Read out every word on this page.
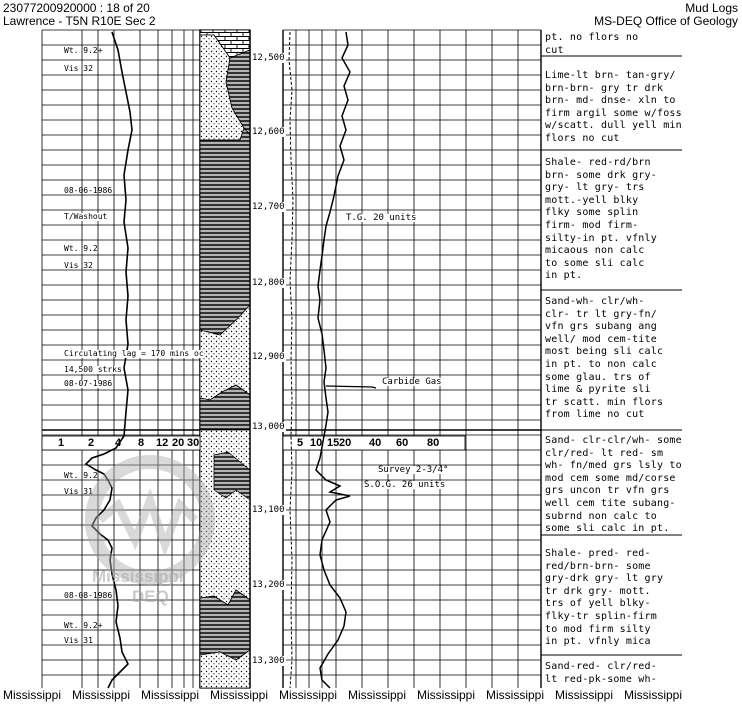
23077200920000 : 18 of 20
Lawrence - T5N R10E Sec 2
Mud Logs
MS-DEQ Office of Geology
12,500
12,600
12,700
12,800
12,900
13,000
13,100
13,200
13,300
1 2 4 8 12 20 30	5 10 15 20 40 60 80
Wt. 9.2+
Vis 32
08-06-1986
T/Washout
Wt. 9.2
Vis 32
Circulating lag = 170 mins oc
14,500 strks
08-07-1986
Wt. 9.2
Vis 31
08-08-1986
Wt. 9.2+
Vis 31
T.G. 20 units
Carbide Gas
Survey 2-3/4°
S.O.G. 26 units
pt. no flors no
cut
Lime-lt brn- tan-gry/
brn-brn- gry tr drk
brn- md- dnse- xln to
firm argil some w/foss
w/scatt. dull yell min
flors no cut
Shale- red-rd/brn
brn- some drk gry-
gry- lt gry- trs
mott.-yell blky
flky some splin
firm- mod firm-
silty-in pt. vfnly
micaous non calc
to some sli calc
in pt.
Sand-wh- clr/wh-
clr- tr lt gry-fn/
vfn grs subang ang
well/ mod cem-tite
most being sli calc
in pt. to non calc
some glau. trs of
lime & pyrite sli
tr scatt. min flors
from lime no cut
Sand- clr-clr/wh- some
clr/red- lt red- sm
wh- fn/med grs lsly to
mod cem some md/corse
grs uncon tr vfn grs
well cem tite subang-
subrnd non calc to
some sli calc in pt.
Shale- pred- red-
red/brn-brn- some
gry-drk gry- lt gry
tr drk gry- mott.
trs of yell blky-
flky-tr splin-firm
to mod firm silty
in pt. vfnly mica
Sand-red- clr/red-
lt red-pk-some wh-
Mississippi
DEQ
Mississippi Mississippi Mississippi Mississippi Mississippi Mississippi Mississippi Mississippi Mississippi Mississippi
